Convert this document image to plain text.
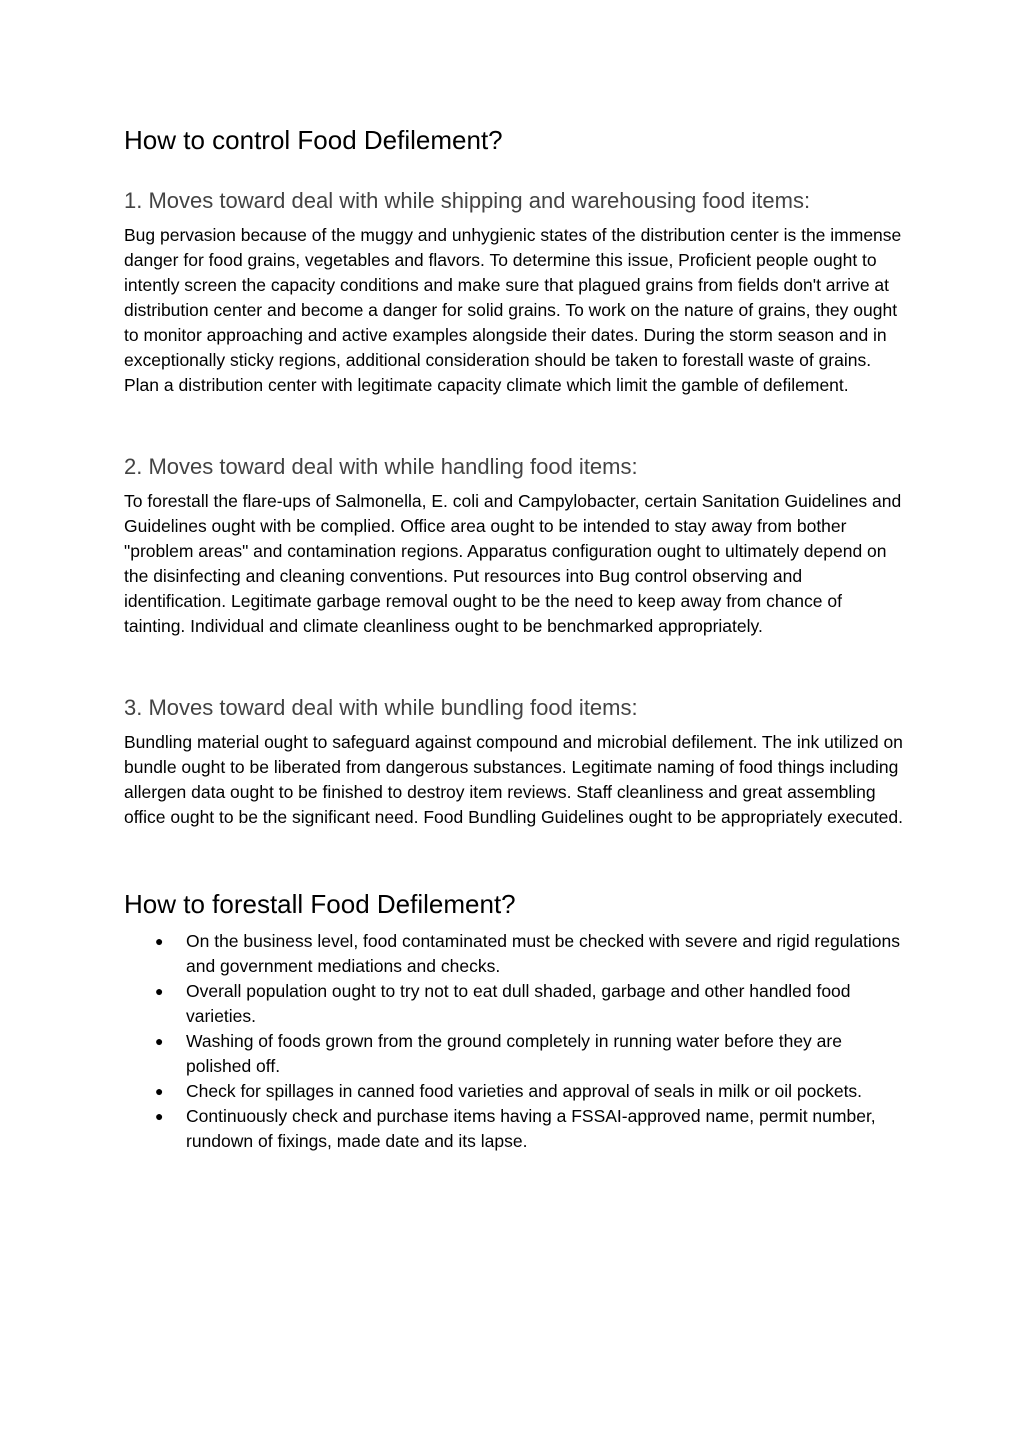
How to control Food Defilement?
1. Moves toward deal with while shipping and warehousing food items:

Bug pervasion because of the muggy and unhygienic states of the distribution center is the immense danger for food grains, vegetables and flavors. To determine this issue, Proficient people ought to intently screen the capacity conditions and make sure that plagued grains from fields don't arrive at distribution center and become a danger for solid grains. To work on the nature of grains, they ought to monitor approaching and active examples alongside their dates. During the storm season and in exceptionally sticky regions, additional consideration should be taken to forestall waste of grains. Plan a distribution center with legitimate capacity climate which limit the gamble of defilement.

2. Moves toward deal with while handling food items:

To forestall the flare-ups of Salmonella, E. coli and Campylobacter, certain Sanitation Guidelines and Guidelines ought with be complied. Office area ought to be intended to stay away from bother "problem areas" and contamination regions. Apparatus configuration ought to ultimately depend on the disinfecting and cleaning conventions. Put resources into Bug control observing and identification. Legitimate garbage removal ought to be the need to keep away from chance of tainting. Individual and climate cleanliness ought to be benchmarked appropriately.

3. Moves toward deal with while bundling food items:

Bundling material ought to safeguard against compound and microbial defilement. The ink utilized on bundle ought to be liberated from dangerous substances. Legitimate naming of food things including allergen data ought to be finished to destroy item reviews. Staff cleanliness and great assembling office ought to be the significant need. Food Bundling Guidelines ought to be appropriately executed.

How to forestall Food Defilement?
● On the business level, food contaminated must be checked with severe and rigid regulations and government mediations and checks.
● Overall population ought to try not to eat dull shaded, garbage and other handled food varieties.
● Washing of foods grown from the ground completely in running water before they are polished off.
● Check for spillages in canned food varieties and approval of seals in milk or oil pockets.
● Continuously check and purchase items having a FSSAI-approved name, permit number, rundown of fixings, made date and its lapse.
